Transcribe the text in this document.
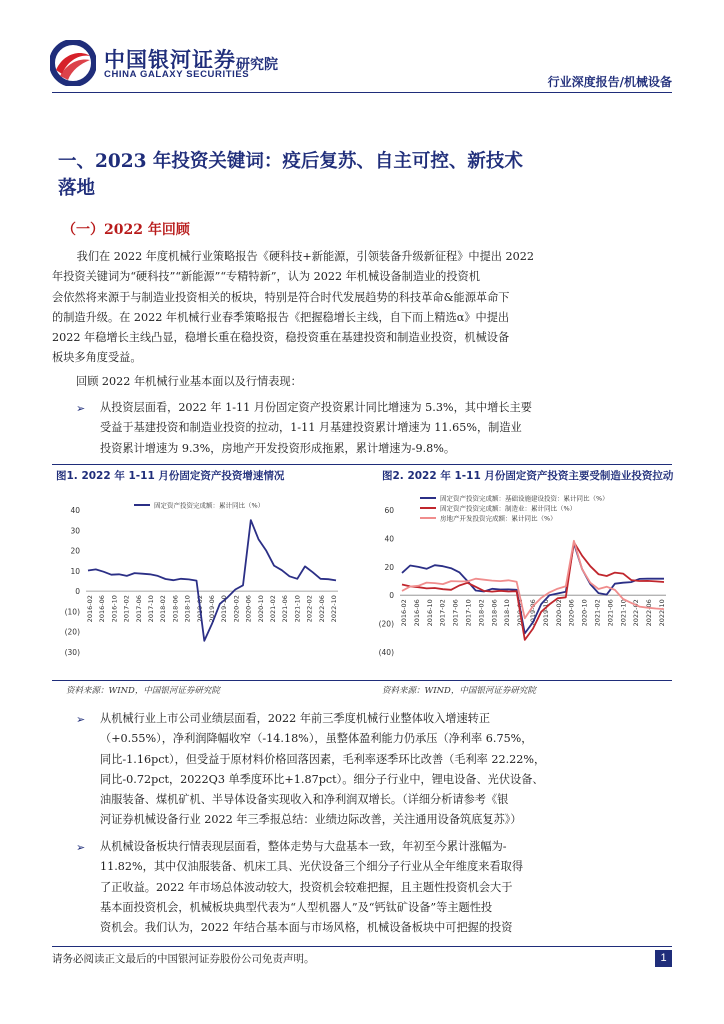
中国银河证券
CHINA GALAXY SECURITIES
研究院
行业深度报告/机械设备
一、2023 年投资关键词：疫后复苏、自主可控、新技术
落地
（一）2022 年回顾
我们在 2022 年度机械行业策略报告《硬科技+新能源，引领装备升级新征程》中提出 2022
年投资关键词为“硬科技”“新能源”“专精特新”，认为 2022 年机械设备制造业的投资机
会依然将来源于与制造业投资相关的板块，特别是符合时代发展趋势的科技革命&能源革命下
的制造升级。在 2022 年机械行业春季策略报告《把握稳增长主线，自下而上精选α》中提出
2022 年稳增长主线凸显，稳增长重在稳投资，稳投资重在基建投资和制造业投资，机械设备
板块多角度受益。
回顾 2022 年机械行业基本面以及行情表现：
➢	从投资层面看，2022 年 1-11 月份固定资产投资累计同比增速为 5.3%，其中增长主要
受益于基建投资和制造业投资的拉动，1-11 月基建投资累计增速为 11.65%，制造业
投资累计增速为 9.3%，房地产开发投资形成拖累，累计增速为-9.8%。
图1. 2022 年 1-11 月份固定资产投资增速情况	图2. 2022 年 1-11 月份固定资产投资主要受制造业投资拉动
40
30
20
10
0
(10)
(20)
(30)
2016-02 2016-06 2016-10 2017-02 2017-06 2017-10 2018-02 2018-06 2018-10 2019-02 2019-06 2019-10 2020-02 2020-06 2020-10 2021-02 2021-06 2021-10 2022-02 2022-06 2022-10
固定资产投资完成额：累计同比（%）
60
40
20
0
(20)
(40)
2016-02 2016-06 2016-10 2017-02 2017-06 2017-10 2018-02 2018-06 2018-10 2019-02 2019-06 2019-10 2020-02 2020-06 2020-10 2021-02 2021-06 2021-10 2022-02 2022-06 2022-10
固定资产投资完成额：基础设施建设投资：累计同比（%）
固定资产投资完成额：制造业：累计同比（%）
房地产开发投资完成额：累计同比（%）
资料来源：WIND，中国银河证券研究院	资料来源：WIND，中国银河证券研究院
➢	从机械行业上市公司业绩层面看，2022 年前三季度机械行业整体收入增速转正
（+0.55%），净利润降幅收窄（-14.18%），虽整体盈利能力仍承压（净利率 6.75%，
同比-1.16pct），但受益于原材料价格回落因素，毛利率逐季环比改善（毛利率 22.22%，
同比-0.72pct，2022Q3 单季度环比+1.87pct）。细分子行业中，锂电设备、光伏设备、
油服装备、煤机矿机、半导体设备实现收入和净利润双增长。（详细分析请参考《银
河证券机械设备行业 2022 年三季报总结：业绩边际改善，关注通用设备筑底复苏》）
➢	从机械设备板块行情表现层面看，整体走势与大盘基本一致，年初至今累计涨幅为-
11.82%，其中仅油服装备、机床工具、光伏设备三个细分子行业从全年维度来看取得
了正收益。2022 年市场总体波动较大，投资机会较难把握，且主题性投资机会大于
基本面投资机会，机械板块典型代表为“人型机器人”及“钙钛矿设备”等主题性投
资机会。我们认为，2022 年结合基本面与市场风格，机械设备板块中可把握的投资
请务必阅读正文最后的中国银河证券股份公司免责声明。	1
